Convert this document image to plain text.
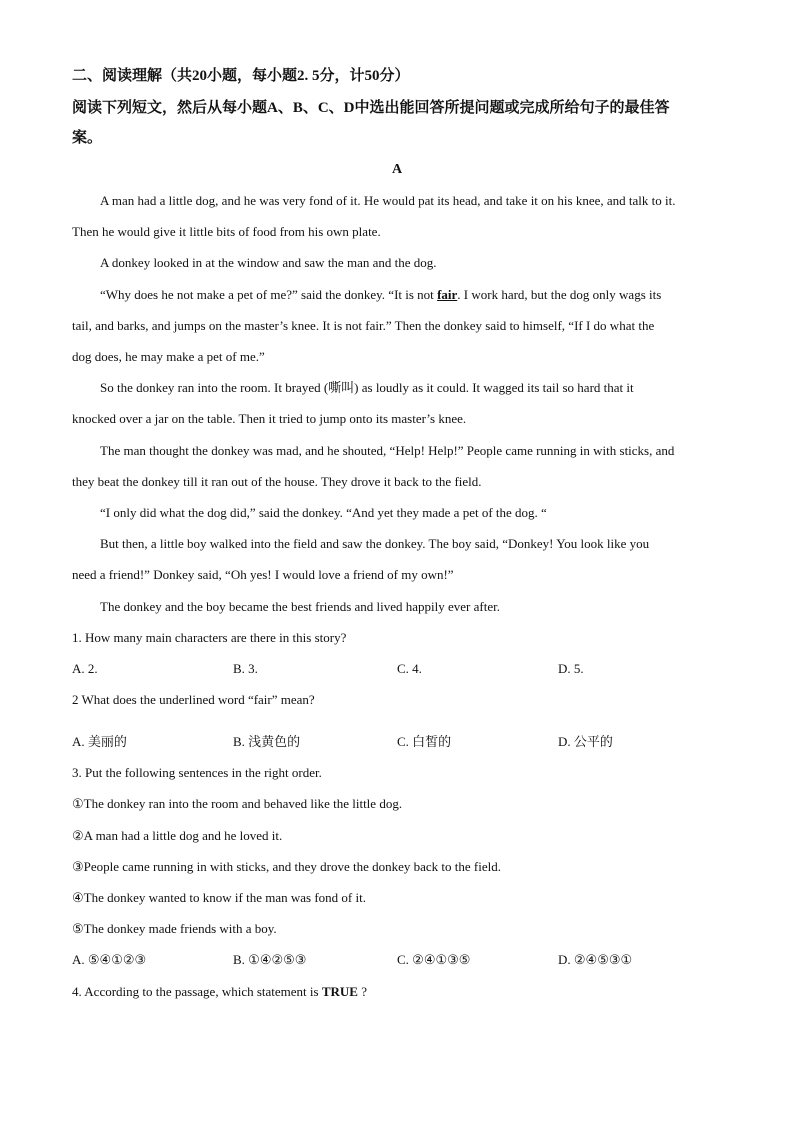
二、阅读理解（共20小题，每小题2. 5分，计50分）
阅读下列短文，然后从每小题A、B、C、D中选出能回答所提问题或完成所给句子的最佳答
案。
A
A man had a little dog, and he was very fond of it. He would pat its head, and take it on his knee, and talk to it.
Then he would give it little bits of food from his own plate.
A donkey looked in at the window and saw the man and the dog.
“Why does he not make a pet of me?” said the donkey. “It is not fair. I work hard, but the dog only wags its
tail, and barks, and jumps on the master’s knee. It is not fair.” Then the donkey said to himself, “If I do what the
dog does, he may make a pet of me.”
So the donkey ran into the room. It brayed (嘶叫) as loudly as it could. It wagged its tail so hard that it
knocked over a jar on the table. Then it tried to jump onto its master’s knee.
The man thought the donkey was mad, and he shouted, “Help! Help!” People came running in with sticks, and
they beat the donkey till it ran out of the house. They drove it back to the field.
“I only did what the dog did,” said the donkey. “And yet they made a pet of the dog. “
But then, a little boy walked into the field and saw the donkey. The boy said, “Donkey! You look like you
need a friend!” Donkey said, “Oh yes! I would love a friend of my own!”
The donkey and the boy became the best friends and lived happily ever after.
1. How many main characters are there in this story?
A. 2.	B. 3.	C. 4.	D. 5.
2 What does the underlined word “fair” mean?
A. 美丽的	B. 浅黄色的	C. 白皙的	D. 公平的
3. Put the following sentences in the right order.
①The donkey ran into the room and behaved like the little dog.
②A man had a little dog and he loved it.
③People came running in with sticks, and they drove the donkey back to the field.
④The donkey wanted to know if the man was fond of it.
⑤The donkey made friends with a boy.
A. ⑤④①②③	B. ①④②⑤③	C. ②④①③⑤	D. ②④⑤③①
4. According to the passage, which statement is TRUE ?
